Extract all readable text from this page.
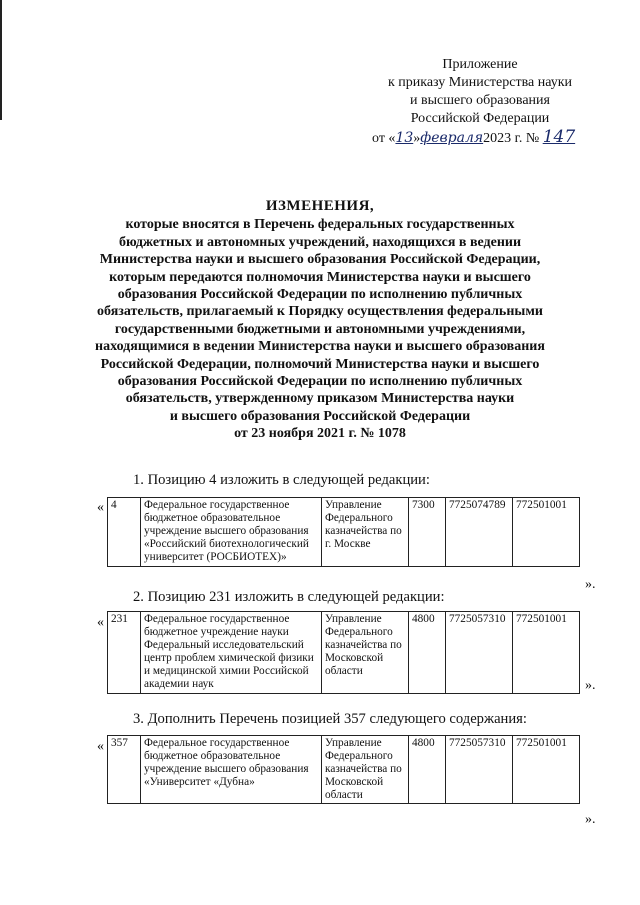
Приложение
к приказу Министерства науки
и высшего образования
Российской Федерации
от «13»февраля2023 г. № 147
ИЗМЕНЕНИЯ,
которые вносятся в Перечень федеральных государственных
бюджетных и автономных учреждений, находящихся в ведении
Министерства науки и высшего образования Российской Федерации,
которым передаются полномочия Министерства науки и высшего
образования Российской Федерации по исполнению публичных
обязательств, прилагаемый к Порядку осуществления федеральными
государственными бюджетными и автономными учреждениями,
находящимися в ведении Министерства науки и высшего образования
Российской Федерации, полномочий Министерства науки и высшего
образования Российской Федерации по исполнению публичных
обязательств, утвержденному приказом Министерства науки
и высшего образования Российской Федерации
от 23 ноября 2021 г. № 1078
1. Позицию 4 изложить в следующей редакции:
« 4	Федеральное государственное бюджетное образовательное учреждение высшего образования «Российский биотехнологический университет (РОСБИОТЕХ)»	Управление Федерального казначейства по г. Москве	7300	7725074789	772501001
».
2. Позицию 231 изложить в следующей редакции:
« 231	Федеральное государственное бюджетное учреждение науки Федеральный исследовательский центр проблем химической физики и медицинской химии Российской академии наук	Управление Федерального казначейства по Московской области	4800	7725057310	772501001
».
3. Дополнить Перечень позицией 357 следующего содержания:
« 357	Федеральное государственное бюджетное образовательное учреждение высшего образования «Университет «Дубна»	Управление Федерального казначейства по Московской области	4800	7725057310	772501001
».
